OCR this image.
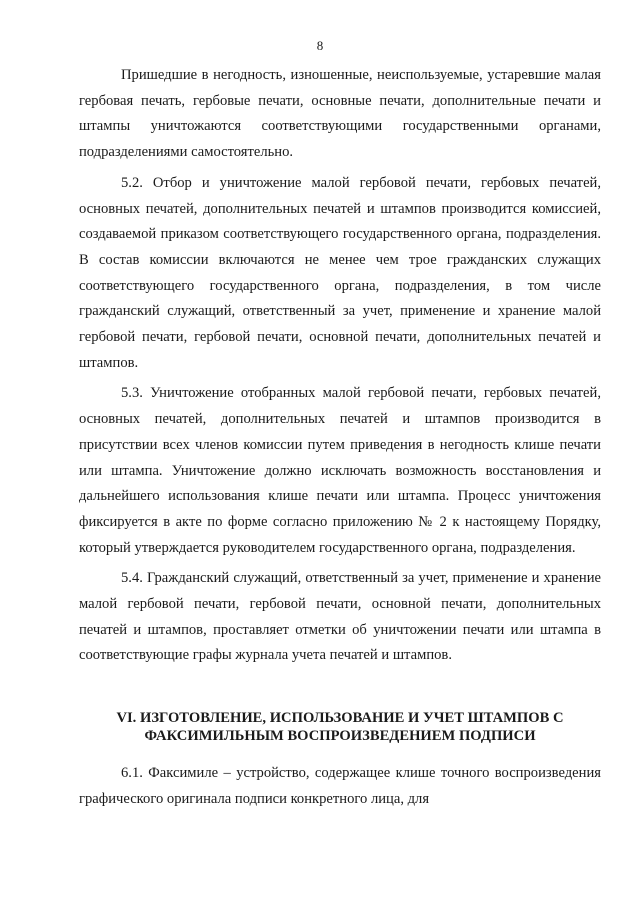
8

Пришедшие в негодность, изношенные, неиспользуемые, устаревшие малая гербовая печать, гербовые печати, основные печати, дополнительные печати и штампы уничтожаются соответствующими государственными органами, подразделениями самостоятельно.

5.2. Отбор и уничтожение малой гербовой печати, гербовых печатей, основных печатей, дополнительных печатей и штампов производится комиссией, создаваемой приказом соответствующего государственного органа, подразделения. В состав комиссии включаются не менее чем трое гражданских служащих соответствующего государственного органа, подразделения, в том числе гражданский служащий, ответственный за учет, применение и хранение малой гербовой печати, гербовой печати, основной печати, дополнительных печатей и штампов.

5.3. Уничтожение отобранных малой гербовой печати, гербовых печатей, основных печатей, дополнительных печатей и штампов производится в присутствии всех членов комиссии путем приведения в негодность клише печати или штампа. Уничтожение должно исключать возможность восстановления и дальнейшего использования клише печати или штампа. Процесс уничтожения фиксируется в акте по форме согласно приложению № 2 к настоящему Порядку, который утверждается руководителем государственного органа, подразделения.

5.4. Гражданский служащий, ответственный за учет, применение и хранение малой гербовой печати, гербовой печати, основной печати, дополнительных печатей и штампов, проставляет отметки об уничтожении печати или штампа в соответствующие графы журнала учета печатей и штампов.

VI. ИЗГОТОВЛЕНИЕ, ИСПОЛЬЗОВАНИЕ И УЧЕТ ШТАМПОВ С
ФАКСИМИЛЬНЫМ ВОСПРОИЗВЕДЕНИЕМ ПОДПИСИ

6.1. Факсимиле – устройство, содержащее клише точного воспроизведения графического оригинала подписи конкретного лица, для
